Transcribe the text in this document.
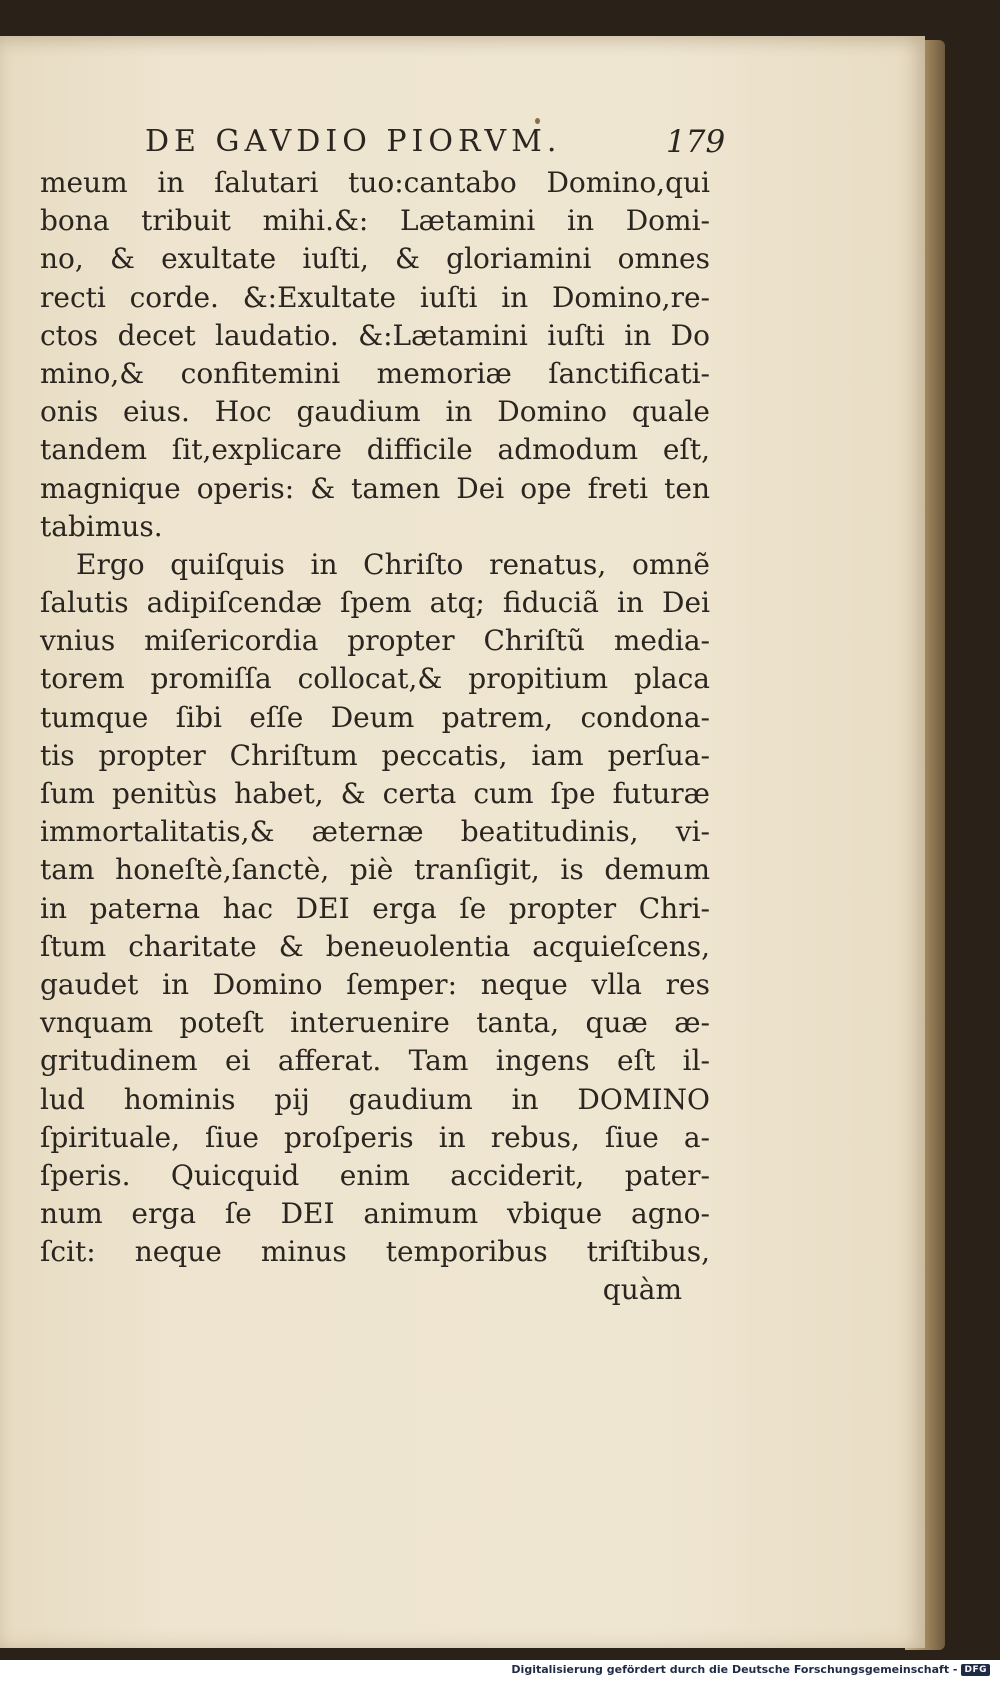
DE GAVDIO PIORVM.	179
meum in ſalutari tuo:cantabo Domino,qui
bona tribuit mihi.&: Lætamini in Domi-
no, & exultate iuſti, & gloriamini omnes
recti corde. &:Exultate iuſti in Domino,re-
ctos decet laudatio. &:Lætamini iuſti in Do
mino,& confitemini memoriæ ſanctificati-
onis eius. Hoc gaudium in Domino quale
tandem ſit,explicare difficile admodum eſt,
magnique operis: & tamen Dei ope freti ten
tabimus.
Ergo quiſquis in Chriſto renatus, omnẽ
ſalutis adipiſcendæ ſpem atq; fiduciã in Dei
vnius miſericordia propter Chriſtũ media-
torem promiſſa collocat,& propitium placa
tumque ſibi eſſe Deum patrem, condona-
tis propter Chriſtum peccatis, iam perſua-
ſum penitùs habet, & certa cum ſpe futuræ
immortalitatis,& æternæ beatitudinis, vi-
tam honeſtè,ſanctè, piè tranſigit, is demum
in paterna hac DEI erga ſe propter Chri-
ſtum charitate & beneuolentia acquieſcens,
gaudet in Domino ſemper: neque vlla res
vnquam poteſt interuenire tanta, quæ æ-
gritudinem ei afferat. Tam ingens eſt il-
lud hominis pij gaudium in DOMINO
ſpirituale, ſiue proſperis in rebus, ſiue a-
ſperis. Quicquid enim acciderit, pater-
num erga ſe DEI animum vbique agno-
ſcit: neque minus temporibus triſtibus,
quàm
Digitalisierung gefördert durch die Deutsche Forschungsgemeinschaft - DFG
